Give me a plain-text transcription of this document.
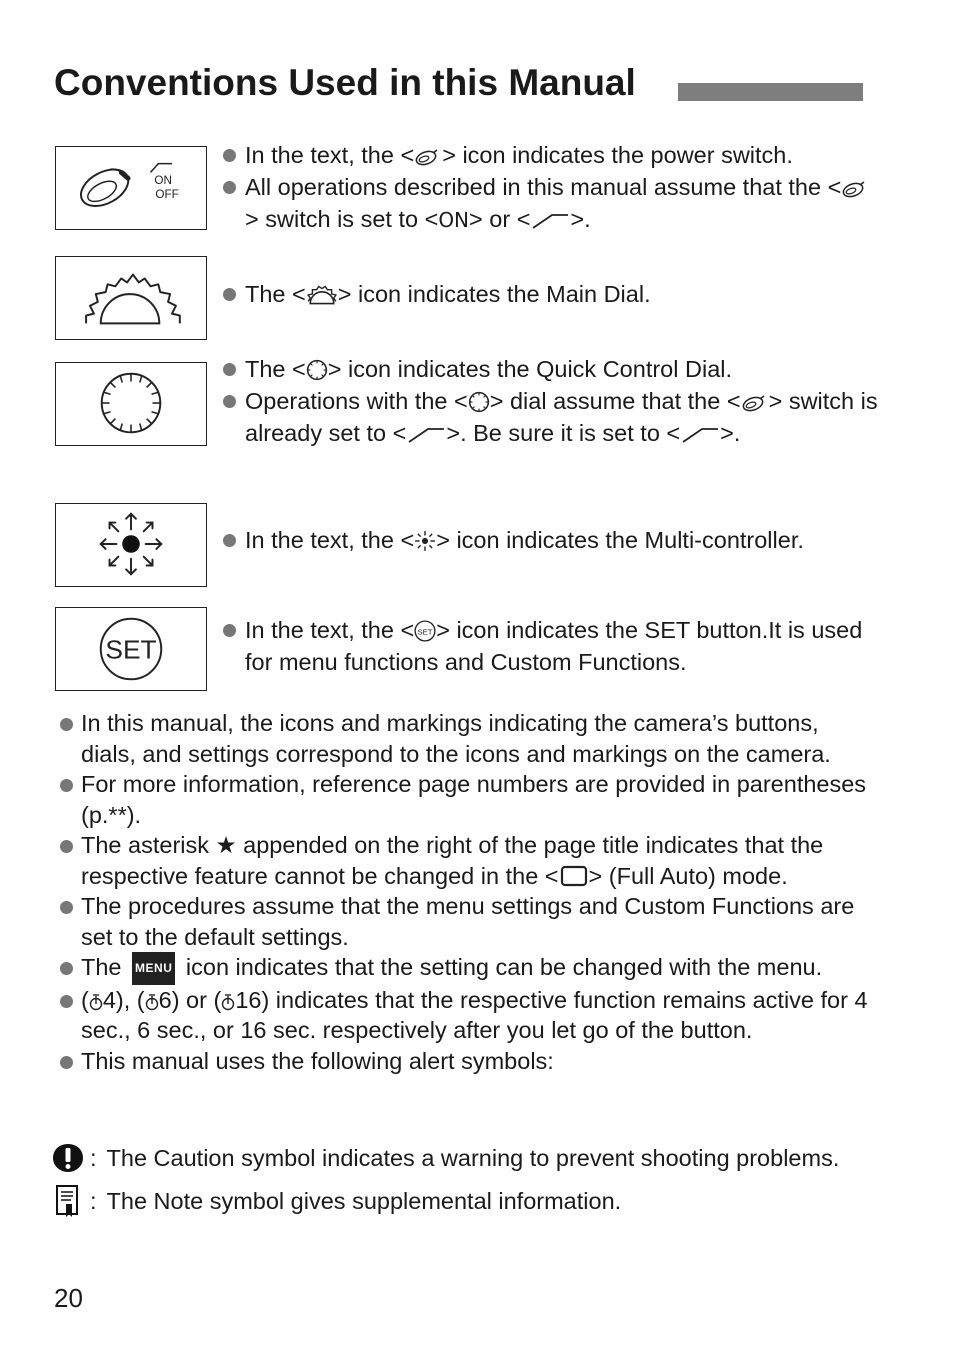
Conventions Used in this Manual
ON
OFF
SET
In the text, the < > icon indicates the power switch.
All operations described in this manual assume that the <> switch is set to <ON> or < >.
The < > icon indicates the Main Dial.
The < > icon indicates the Quick Control Dial.
Operations with the < > dial assume that the < > switch is already set to < >. Be sure it is set to < >.
In the text, the < > icon indicates the Multi-controller.
In the text, the < > icon indicates the SET button.It is used for menu functions and Custom Functions.
In this manual, the icons and markings indicating the camera’s buttons, dials, and settings correspond to the icons and markings on the camera.
For more information, reference page numbers are provided in parentheses (p.**).
The asterisk ★ appended on the right of the page title indicates that the respective feature cannot be changed in the < > (Full Auto) mode.
The procedures assume that the menu settings and Custom Functions are set to the default settings.
The MENU icon indicates that the setting can be changed with the menu.
( 4), ( 6) or ( 16) indicates that the respective function remains active for 4 sec., 6 sec., or 16 sec. respectively after you let go of the button.
This manual uses the following alert symbols:
: The Caution symbol indicates a warning to prevent shooting problems.
: The Note symbol gives supplemental information.
20
